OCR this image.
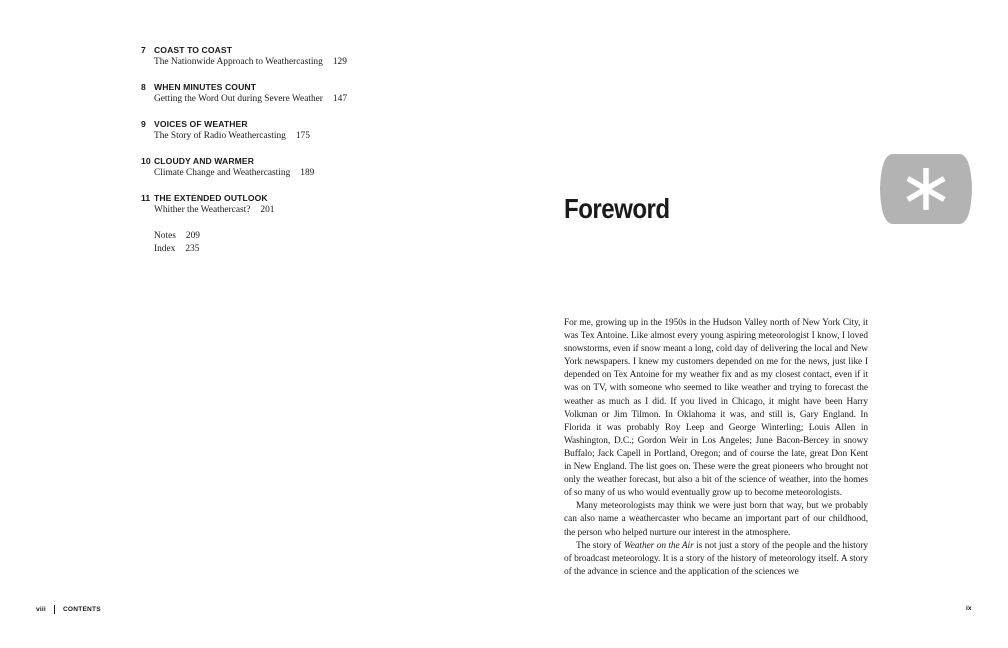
7 COAST TO COAST
The Nationwide Approach to Weathercasting 129
8 WHEN MINUTES COUNT
Getting the Word Out during Severe Weather 147
9 VOICES OF WEATHER
The Story of Radio Weathercasting 175
10 CLOUDY AND WARMER
Climate Change and Weathercasting 189
11 THE EXTENDED OUTLOOK
Whither the Weathercast? 201
Notes 209
Index 235
viii	CONTENTS
Foreword

For me, growing up in the 1950s in the Hudson Valley north of New York City, it was Tex Antoine. Like almost every young aspiring meteorologist I know, I loved snowstorms, even if snow meant a long, cold day of delivering the local and New York newspapers. I knew my customers depended on me for the news, just like I depended on Tex Antoine for my weather fix and as my closest contact, even if it was on TV, with someone who seemed to like weather and trying to forecast the weather as much as I did. If you lived in Chicago, it might have been Harry Volkman or Jim Tilmon. In Oklahoma it was, and still is, Gary England. In Florida it was probably Roy Leep and George Winterling; Louis Allen in Washington, D.C.; Gordon Weir in Los Angeles; June Bacon-Bercey in snowy Buffalo; Jack Capell in Portland, Oregon; and of course the late, great Don Kent in New England. The list goes on. These were the great pioneers who brought not only the weather forecast, but also a bit of the science of weather, into the homes of so many of us who would eventually grow up to become meteorologists.

Many meteorologists may think we were just born that way, but we probably can also name a weathercaster who became an important part of our childhood, the person who helped nurture our interest in the atmosphere.

The story of Weather on the Air is not just a story of the people and the history of broadcast meteorology. It is a story of the history of meteorology itself. A story of the advance in science and the application of the sciences we

ix
